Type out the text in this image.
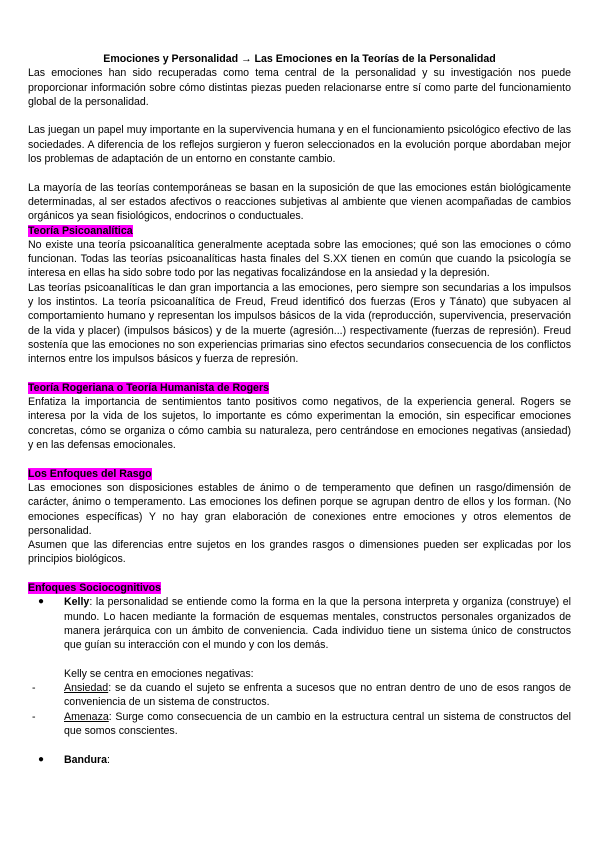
Emociones y Personalidad → Las Emociones en la Teorías de la Personalidad

Las emociones han sido recuperadas como tema central de la personalidad y su investigación nos puede proporcionar información sobre cómo distintas piezas pueden relacionarse entre sí como parte del funcionamiento global de la personalidad.

Las juegan un papel muy importante en la supervivencia humana y en el funcionamiento psicológico efectivo de las sociedades. A diferencia de los reflejos surgieron y fueron seleccionados en la evolución porque abordaban mejor los problemas de adaptación de un entorno en constante cambio.

La mayoría de las teorías contemporáneas se basan en la suposición de que las emociones están biológicamente determinadas, al ser estados afectivos o reacciones subjetivas al ambiente que vienen acompañadas de cambios orgánicos ya sean fisiológicos, endocrinos o conductuales.

Teoría Psicoanalítica

No existe una teoría psicoanalítica generalmente aceptada sobre las emociones; qué son las emociones o cómo funcionan. Todas las teorías psicoanalíticas hasta finales del S.XX tienen en común que cuando la psicología se interesa en ellas ha sido sobre todo por las negativas focalizándose en la ansiedad y la depresión.

Las teorías psicoanalíticas le dan gran importancia a las emociones, pero siempre son secundarias a los impulsos y los instintos. La teoría psicoanalítica de Freud, Freud identificó dos fuerzas (Eros y Tánato) que subyacen al comportamiento humano y representan los impulsos básicos de la vida (reproducción, supervivencia, preservación de la vida y placer) (impulsos básicos) y de la muerte (agresión...) respectivamente (fuerzas de represión). Freud sostenía que las emociones no son experiencias primarias sino efectos secundarios consecuencia de los conflictos internos entre los impulsos básicos y fuerza de represión.

Teoría Rogeriana o Teoría Humanista de Rogers

Enfatiza la importancia de sentimientos tanto positivos como negativos, de la experiencia general. Rogers se interesa por la vida de los sujetos, lo importante es cómo experimentan la emoción, sin especificar emociones concretas, cómo se organiza o cómo cambia su naturaleza, pero centrándose en emociones negativas (ansiedad) y en las defensas emocionales.

Los Enfoques del Rasgo

Las emociones son disposiciones estables de ánimo o de temperamento que definen un rasgo/dimensión de carácter, ánimo o temperamento. Las emociones los definen porque se agrupan dentro de ellos y los forman. (No emociones específicas) Y no hay gran elaboración de conexiones entre emociones y otros elementos de personalidad.

Asumen que las diferencias entre sujetos en los grandes rasgos o dimensiones pueden ser explicadas por los principios biológicos.

Enfoques Sociocognitivos

● Kelly: la personalidad se entiende como la forma en la que la persona interpreta y organiza (construye) el mundo. Lo hacen mediante la formación de esquemas mentales, constructos personales organizados de manera jerárquica con un ámbito de conveniencia. Cada individuo tiene un sistema único de constructos que guían su interacción con el mundo y con los demás.

Kelly se centra en emociones negativas:

-	Ansiedad: se da cuando el sujeto se enfrenta a sucesos que no entran dentro de uno de esos rangos de conveniencia de un sistema de constructos.
-	Amenaza: Surge como consecuencia de un cambio en la estructura central un sistema de constructos del que somos conscientes.
● Bandura:
